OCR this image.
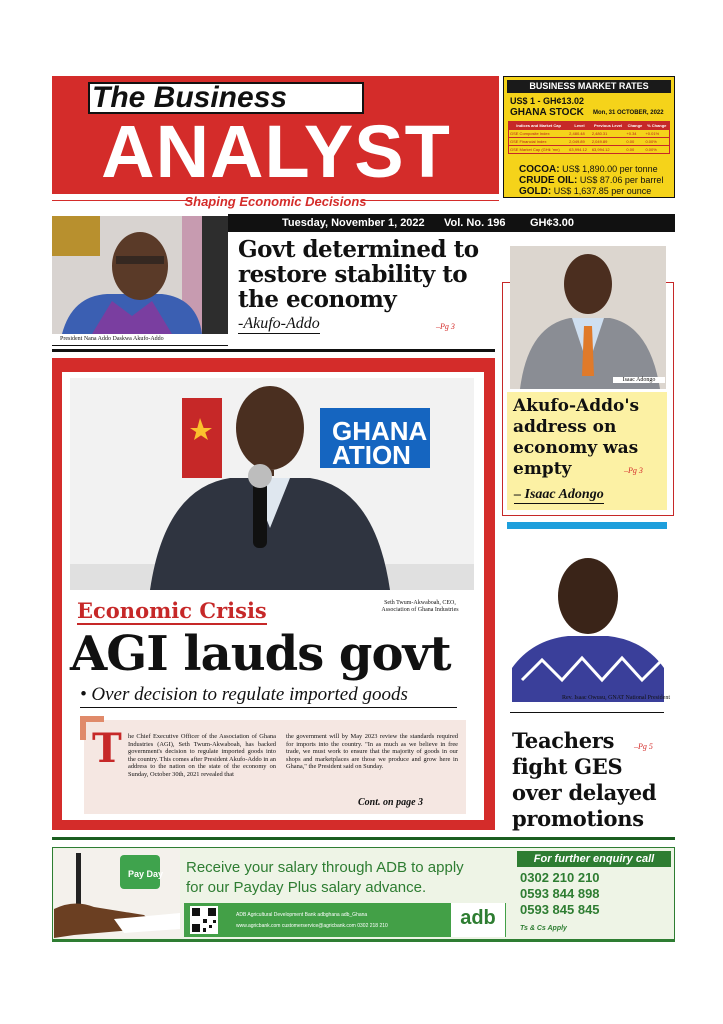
The Business
ANALYST
Shaping Economic Decisions
BUSINESS MARKET RATES
US$ 1 - GH¢13.02
GHANA STOCK Mon, 31 OCTOBER, 2022
Indices and Market Cap	Level	Previous Level	Change	% Change
GSE Composite Index	2,480.48	2,480.31	+0.34	+0.01%
GSE Financial Index	2,049.89	2,049.89	0.00	0.00%
GSE Market Cap (GH¢ 'mn)	63,994.12	63,994.12	0.00	0.00%
COCOA: US$ 1,890.00 per tonne
CRUDE OIL: US$ 87.06 per barrel
GOLD: US$ 1,637.85 per ounce
Tuesday, November 1, 2022 Vol. No. 196 GH¢3.00
President Nana Addo Daskwa Akufo-Addo
Govt determined to restore stability to the economy
-Akufo-Addo	–Pg 3
GHANA
ATION
Economic Crisis	Seth Twum-Akwaboah, CEO, Association of Ghana Industries
AGI lauds govt
• Over decision to regulate imported goods
T he Chief Executive Officer of the Association of Ghana Industries (AGI), Seth Twum-Akwaboah, has backed government's decision to regulate imported goods into the country. This comes after President Akufo-Addo in an address to the nation on the state of the economy on Sunday, October 30th, 2021 revealed that
the government will by May 2023 review the standards required for imports into the country. "In as much as we believe in free trade, we must work to ensure that the majority of goods in our shops and marketplaces are those we produce and grow here in Ghana," the President said on Sunday.
Cont. on page 3
Isaac Adongo
Akufo-Addo's address on economy was empty	–Pg 3
– Isaac Adongo
Rev. Isaac Owusu, GNAT National President
Teachers fight GES over delayed promotions
–Pg 5
Pay Day Receive your salary through ADB to apply
for our Payday Plus salary advance.
ADB Agricultural Development Bank adbghana adb_Ghana
www.agricbank.com customerservice@agricbank.com 0302 218 210	adb
For further enquiry call
0302 210 210
0593 844 898
0593 845 845
Ts & Cs Apply
